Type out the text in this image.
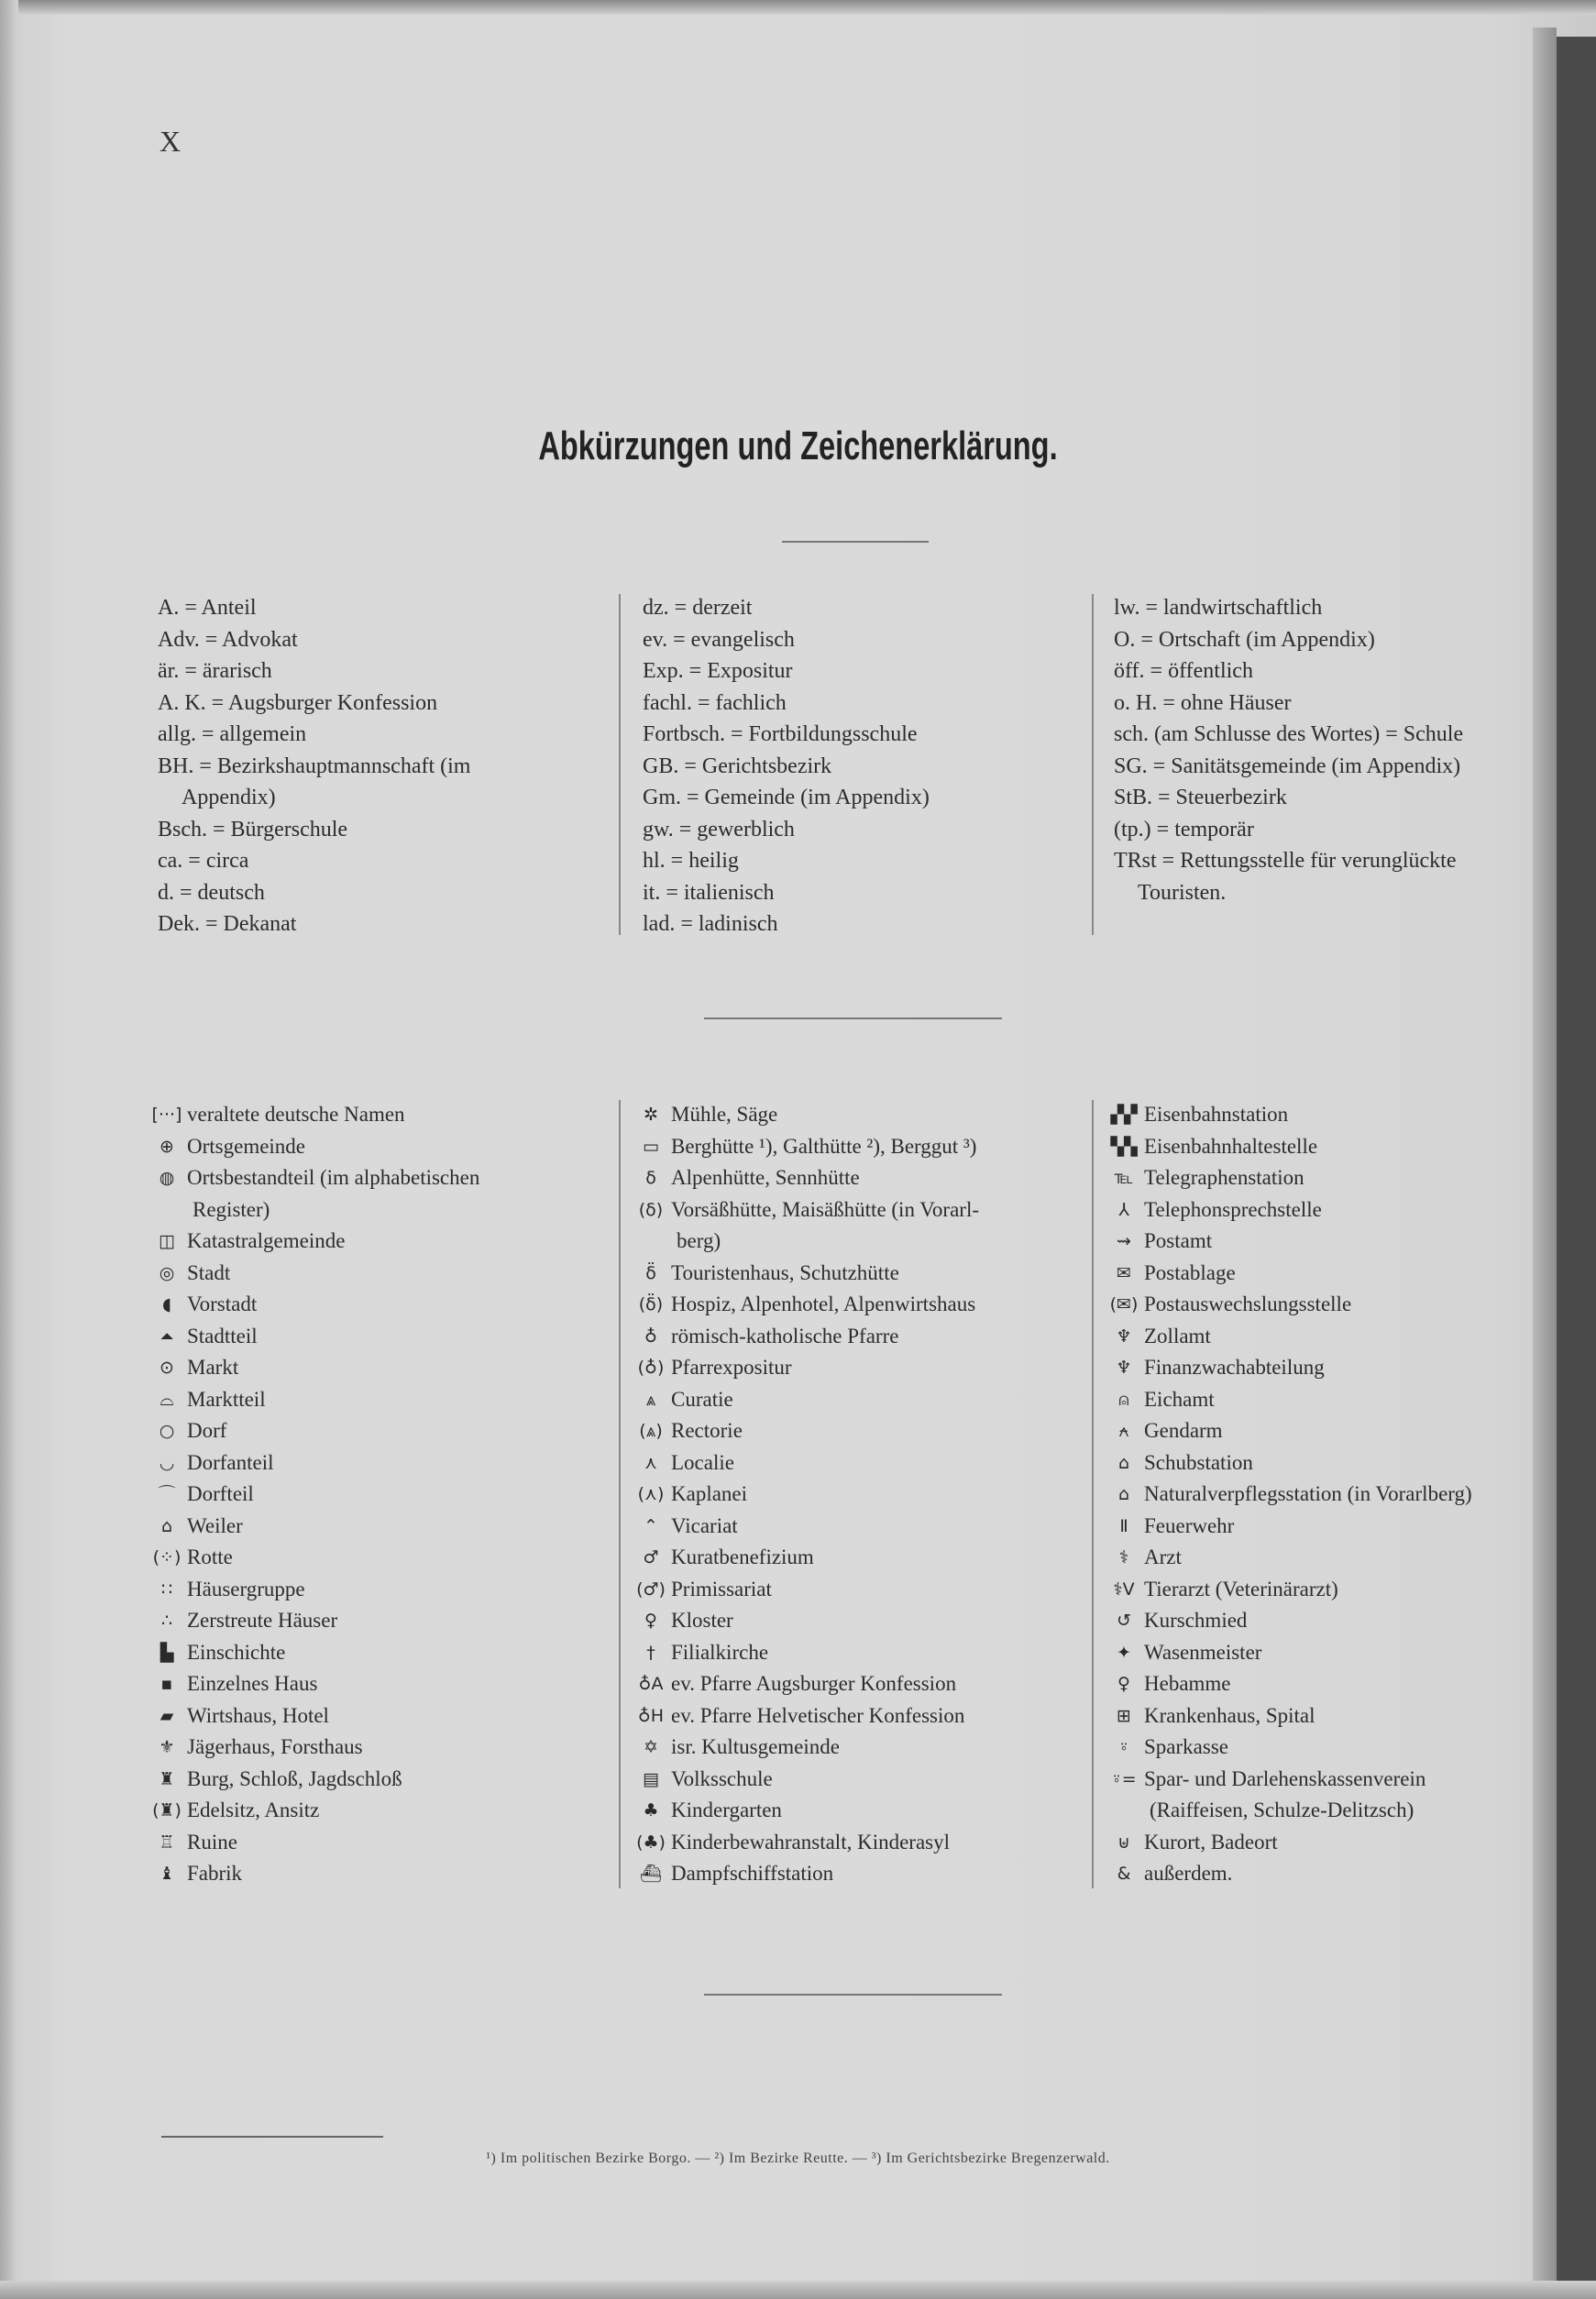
X
Abkürzungen und Zeichenerklärung.
A. = Anteil
Adv. = Advokat
är. = ärarisch
A. K. = Augsburger Konfession
allg. = allgemein
BH. = Bezirkshauptmannschaft (im
Appendix)
Bsch. = Bürgerschule
ca. = circa
d. = deutsch
Dek. = Dekanat
dz. = derzeit
ev. = evangelisch
Exp. = Expositur
fachl. = fachlich
Fortbsch. = Fortbildungsschule
GB. = Gerichtsbezirk
Gm. = Gemeinde (im Appendix)
gw. = gewerblich
hl. = heilig
it. = italienisch
lad. = ladinisch
lw. = landwirtschaftlich
O. = Ortschaft (im Appendix)
öff. = öffentlich
o. H. = ohne Häuser
sch. (am Schlusse des Wortes) = Schule
SG. = Sanitätsgemeinde (im Appendix)
StB. = Steuerbezirk
(tp.) = temporär
TRst = Rettungsstelle für verunglückte
Touristen.
[···] veraltete deutsche Namen
⊕ Ortsgemeinde
◍ Ortsbestandteil (im alphabetischen
Register)
◫ Katastralgemeinde
◎ Stadt
◖ Vorstadt
⏶ Stadtteil
⊙ Markt
⌓ Marktteil
○ Dorf
◡ Dorfanteil
⌒ Dorfteil
⌂ Weiler
(⁘) Rotte
∷ Häusergruppe
∴ Zerstreute Häuser
▙ Einschichte
▪ Einzelnes Haus
▰ Wirtshaus, Hotel
⚜ Jägerhaus, Forsthaus
♜ Burg, Schloß, Jagdschloß
(♜) Edelsitz, Ansitz
♖ Ruine
♝ Fabrik
✲ Mühle, Säge
▭ Berghütte ¹), Galthütte ²), Berggut ³)
δ Alpenhütte, Sennhütte
(δ) Vorsäßhütte, Maisäßhütte (in Vorarl-
berg)
δ̈ Touristenhaus, Schutzhütte
(δ̈) Hospiz, Alpenhotel, Alpenwirtshaus
♁ römisch-katholische Pfarre
(♁) Pfarrexpositur
⩓ Curatie
(⩓) Rectorie
⋏ Localie
(⋏) Kaplanei
⌃ Vicariat
♂ Kuratbenefizium
(♂) Primissariat
♀ Kloster
† Filialkirche
♁A ev. Pfarre Augsburger Konfession
♁H ev. Pfarre Helvetischer Konfession
✡ isr. Kultusgemeinde
▤ Volksschule
♣ Kindergarten
(♣) Kinderbewahranstalt, Kinderasyl
⛴ Dampfschiffstation
▞▞ Eisenbahnstation
▚▚ Eisenbahnhaltestelle
℡ Telegraphenstation
⅄ Telephonsprechstelle
⇝ Postamt
✉ Postablage
(✉) Postauswechslungsstelle
♆ Zollamt
♆ Finanzwachabteilung
⍝ Eichamt
⍲ Gendarm
⌂ Schubstation
⌂ Naturalverpflegsstation (in Vorarlberg)
Ⅱ Feuerwehr
⚕ Arzt
⚕V Tierarzt (Veterinärarzt)
↺ Kurschmied
✦ Wasenmeister
♀ Hebamme
⊞ Krankenhaus, Spital
⍤ Sparkasse
⍤= Spar- und Darlehenskassenverein
(Raiffeisen, Schulze-Delitzsch)
⊎ Kurort, Badeort
& außerdem.
¹) Im politischen Bezirke Borgo. — ²) Im Bezirke Reutte. — ³) Im Gerichtsbezirke Bregenzerwald.
